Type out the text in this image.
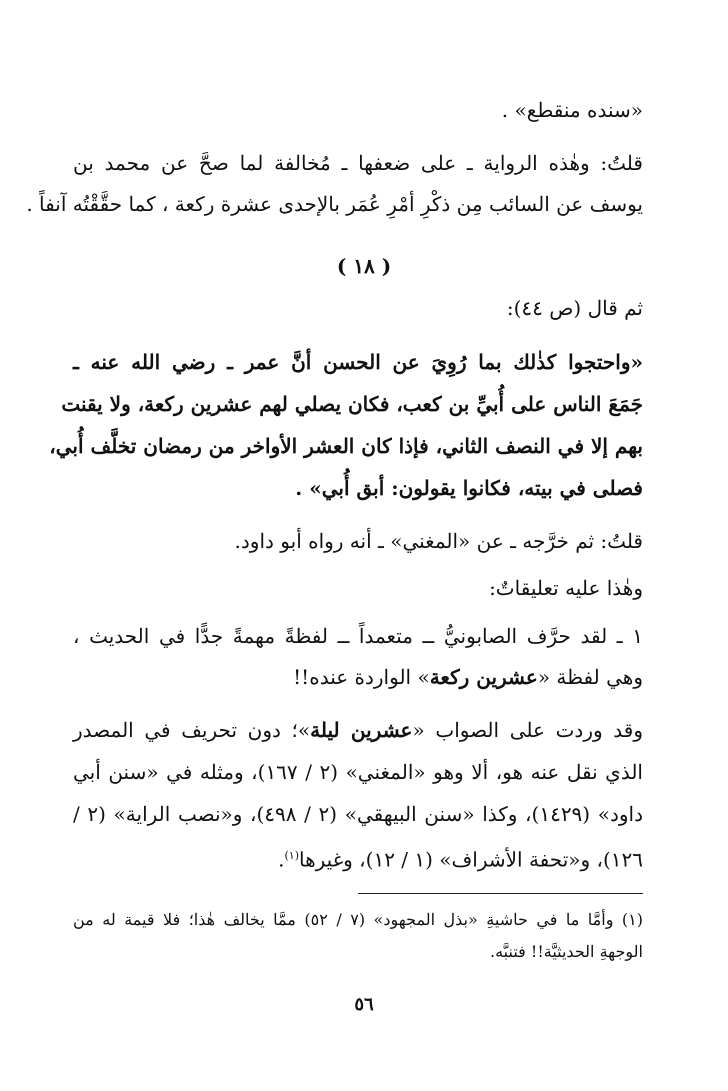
«سنده منقطع» .
قلتُ: وهٰذه الرواية ـ على ضعفها ـ مُخالفة لما صحَّ عن محمد بن
يوسف عن السائب مِن ذكْرِ أمْرِ عُمَر بالإحدى عشرة ركعة ، كما حقَّقْتُه آنفاً .
( ١٨ )
ثم قال (ص ٤٤):
«واحتجوا كذٰلك بما رُوِيَ عن الحسن أنَّ عمر ـ رضي الله عنه ـ
جَمَعَ الناس على أُبيِّ بن كعب، فكان يصلي لهم عشرين ركعة، ولا يقنت
بهم إلا في النصف الثاني، فإذا كان العشر الأواخر من رمضان تخلَّف أُبي،
فصلى في بيته، فكانوا يقولون: أبق أُبي» .
قلتُ: ثم خرَّجه ـ عن «المغني» ـ أنه رواه أبو داود.
وهٰذا عليه تعليقاتٌ:
١ ـ لقد حرَّف الصابونيُّ ــ متعمداً ــ لفظةً مهمةً جدًّا في الحديث ،
وهي لفظة «عشرين ركعة» الواردة عنده!!
وقد وردت على الصواب «عشرين ليلة»؛ دون تحريف في المصدر
الذي نقل عنه هو، ألا وهو «المغني» (٢ / ١٦٧)، ومثله في «سنن أبي
داود» (١٤٢٩)، وكذا «سنن البيهقي» (٢ / ٤٩٨)، و«نصب الراية» (٢ /
١٢٦)، و«تحفة الأشراف» (١ / ١٢)، وغيرها$^{(١)}$.
(١) وأمَّا ما في حاشيةِ «بذل المجهود» (٧ / ٥٢) ممَّا يخالف هٰذا؛ فلا قيمة له من
الوجهةِ الحديثيَّة!! فتنبَّه.
٥٦
